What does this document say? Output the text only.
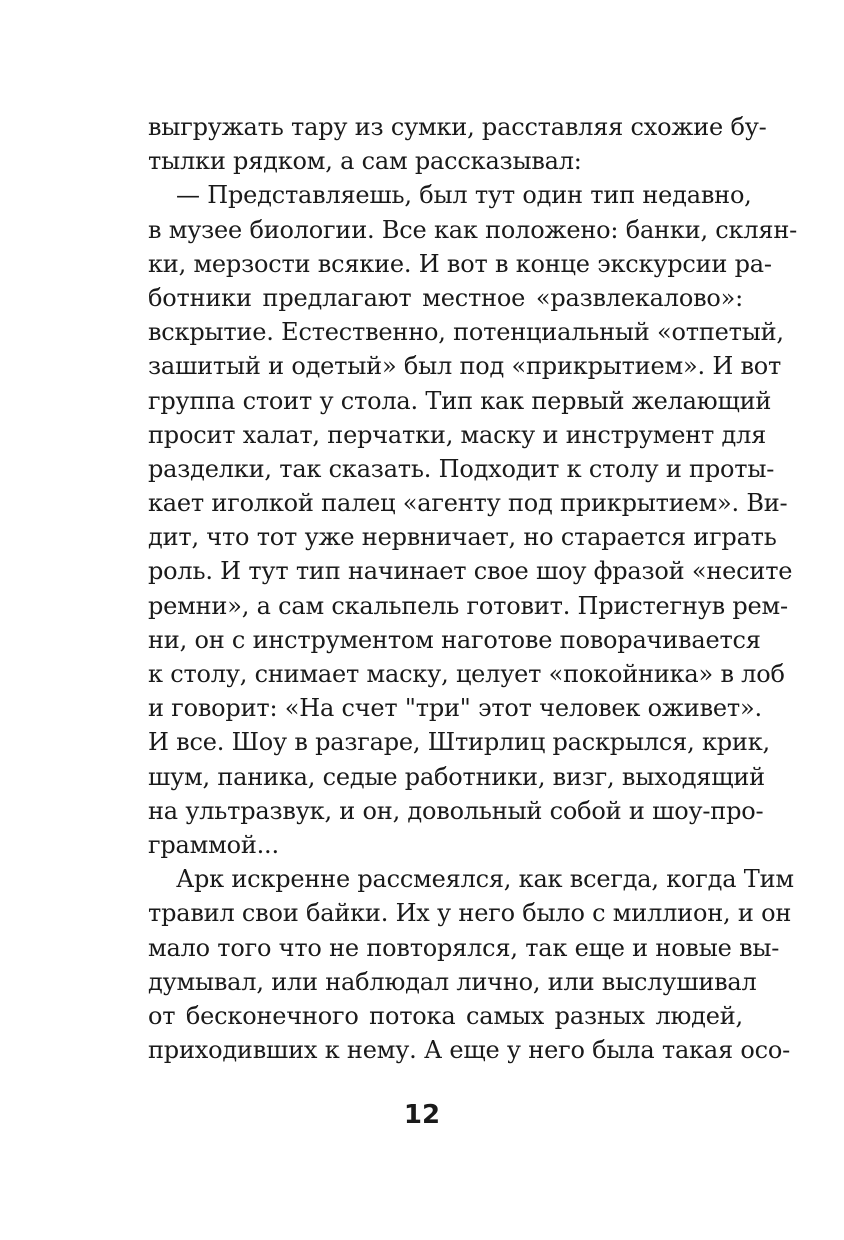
выгружать тару из сумки, расставляя схожие бу-
тылки рядком, а сам рассказывал:
— Представляешь, был тут один тип недавно,
в музее биологии. Все как положено: банки, склян-
ки, мерзости всякие. И вот в конце экскурсии ра-
ботники предлагают местное «развлекалово»:
вскрытие. Естественно, потенциальный «отпетый,
зашитый и одетый» был под «прикрытием». И вот
группа стоит у стола. Тип как первый желающий
просит халат, перчатки, маску и инструмент для
разделки, так сказать. Подходит к столу и проты-
кает иголкой палец «агенту под прикрытием». Ви-
дит, что тот уже нервничает, но старается играть
роль. И тут тип начинает свое шоу фразой «несите
ремни», а сам скальпель готовит. Пристегнув рем-
ни, он с инструментом наготове поворачивается
к столу, снимает маску, целует «покойника» в лоб
и говорит: «На счет "три" этот человек оживет».
И все. Шоу в разгаре, Штирлиц раскрылся, крик,
шум, паника, седые работники, визг, выходящий
на ультразвук, и он, довольный собой и шоу-про-
граммой...
Арк искренне рассмеялся, как всегда, когда Тим
травил свои байки. Их у него было с миллион, и он
мало того что не повторялся, так еще и новые вы-
думывал, или наблюдал лично, или выслушивал
от бесконечного потока самых разных людей,
приходивших к нему. А еще у него была такая осо-
12
